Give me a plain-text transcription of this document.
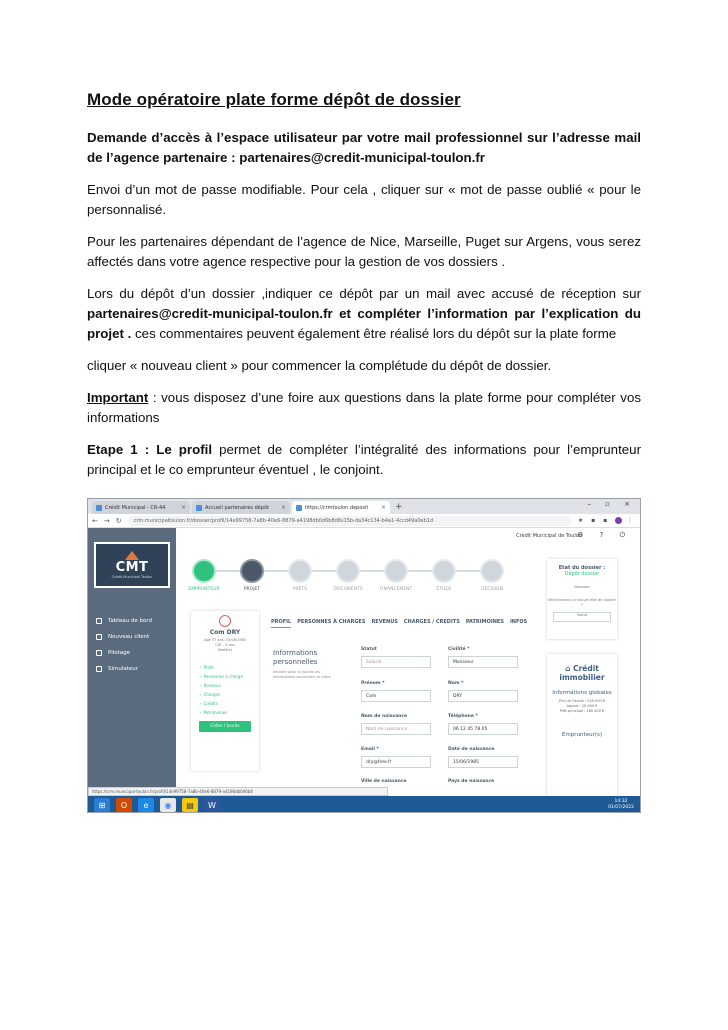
Mode opératoire plate forme dépôt de dossier

Demande d’accès à l’espace utilisateur par votre mail professionnel sur l’adresse mail de l’agence partenaire : partenaires@credit-municipal-toulon.fr

Envoi d’un mot de passe modifiable. Pour cela , cliquer sur « mot de passe oublié « pour le personnalisé.

Pour les partenaires dépendant de l’agence de Nice, Marseille, Puget sur Argens, vous serez affectés dans votre agence respective pour la gestion de vos dossiers .

Lors du dépôt d’un dossier ,indiquer ce dépôt par un mail avec accusé de réception sur partenaires@credit-municipal-toulon.fr et compléter l’information par l’explication du projet . ces commentaires peuvent également être réalisé lors du dépôt sur la plate forme

cliquer « nouveau client » pour commencer la complétude du dépôt de dossier.

Important : vous disposez d’une foire aux questions dans la plate forme pour compléter vos informations

Etape 1 : Le profil permet de compléter l’intégralité des informations pour l’emprunteur principal et le co emprunteur éventuel , le conjoint.

Crédit Municipal - CR-44	×	Accueil partenaires dépôt ×	https://crmtoulon.deposit × +	– ▫ ×
← → ↻	crm.municipaltoulon.fr/dossier/profil/14e99758-7a8b-40e6-8879-a4198db0d6b8d6s15b-da34c134-b4a1-4ccd49a0eb1d	★ ▪ ▪  ⋮
CMT
Crédit Municipal Toulon
Tableau de bord
Nouveau client
Pilotage
Simulateur
Crédit Municipal de Toulon
⚙ ? ⏻
EMPRUNTEUR	PROJET	PRÊTS	DOCUMENTS	FINANCEMENT	ÉTUDE	DÉCISION
Com DRY
Agé 37 ans, 15/06/1985
CDI – 5 ans
Marié(e)
✓ Profil
✓ Personnes à charge
✓ Revenus
✓ Charges
✓ Crédits
✓ Patrimoines
Créer l’accès
PROFIL PERSONNES À CHARGES REVENUS CHARGES / CREDITS PATRIMOINES INFOS
Informations personnelles
Veuillez saisir ici toutes les informations concernant le client
Statut
Salarié
Civilité *
Monsieur
Prénom *
Com
Nom *
DRY
Nom de naissance
Nom de naissance
Téléphone *
06 12 45 78 05
Email *
dry@free.fr
Date de naissance
15/06/1985
Ville de naissance	Pays de naissance
Etat du dossier :
Dépôt dossier
Nouveau
Sélectionnez un nouvel état de dossier *
Statut
⌂ Crédit immobilier
Informations globales
Prix de l’achat : 200 000 €
Apport : 20 000 €
Prêt principal : 180 000 €
Emprunteur(s)
https://crm.municipal-toulon.fr/profil/14e99758-7a8b-40e6-8879-a4198db0d6b8
⊞	O	e	◉	▤	W	14:32
01/07/2022
